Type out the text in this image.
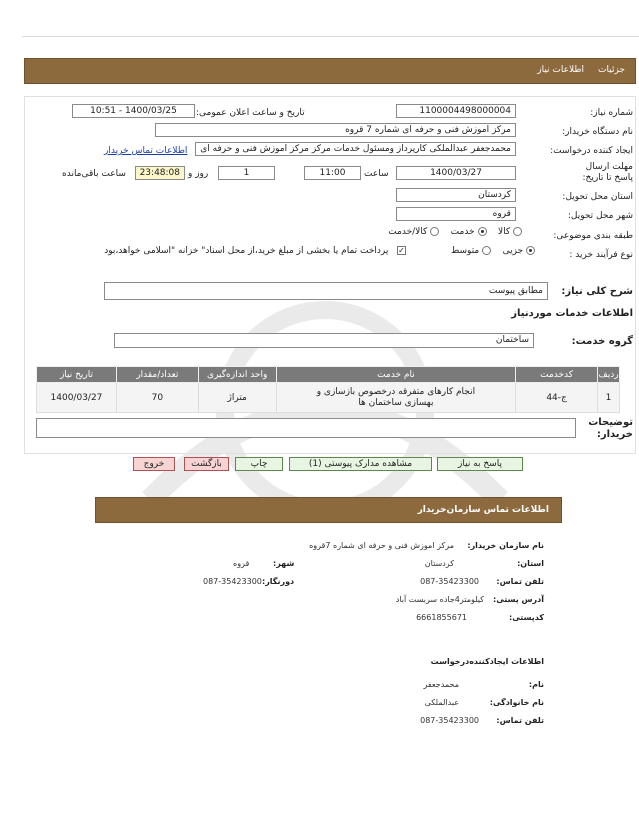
جزئیات
اطلاعات نیاز
شماره نیاز:
1100004498000004
تاریخ و ساعت اعلان عمومی:
1400/03/25 - 10:51
نام دستگاه خریدار:
مرکز اموزش فنی و حرفه ای شماره 7 قروه
ایجاد کننده درخواست:
محمدجعفر عبدالملکی کارپرداز ومسئول خدمات مرکز مرکز اموزش فنی و حرفه ای
اطلاعات تماس خریدار
مهلت ارسال پاسخ تا تاریخ:
1400/03/27
ساعت
11:00
1
روز و
23:48:08
ساعت باقی‌مانده
استان محل تحویل:
کردستان
شهر محل تحویل:
قروه
طبقه بندی موضوعی:
کالا     خدمت     کالا/خدمت
نوع فرآیند خرید :
جزیی     متوسط
✓   پرداخت تمام یا بخشی از مبلغ خرید،از محل اسناد" خزانه "اسلامی خواهد،بود
شرح کلی نیاز:
مطابق پیوست
اطلاعات خدمات موردنیاز
گروه خدمت:
ساختمان
ردیف	کدخدمت	نام خدمت	واحد اندازه‌گیری	تعداد/مقدار	تاریخ نیاز
1	ج-44	انجام کارهای متفرقه درخصوص بازسازی و بهسازی ساختمان ها	متراژ	70	1400/03/27
توضیحات خریدار:
پاسخ به نیاز
مشاهده مدارک پیوستی (1)
چاپ
بازگشت
خروج
اطلاعات تماس سازمان‌خریدار
نام سازمان خریدار:
مرکز اموزش فنی و حرفه ای شماره 7قروه
استان:
کردستان
شهر:
قروه
تلفن تماس:
087-35423300
دورنگار:
087-35423300
آدرس پستی:
کیلومتر4جاده سربست آباد
کدپستی:
6661855671
اطلاعات ایجادکننده‌درخواست
نام:
محمدجعفر
نام خانوادگی:
عبدالملکی
تلفن تماس:
087-35423300
